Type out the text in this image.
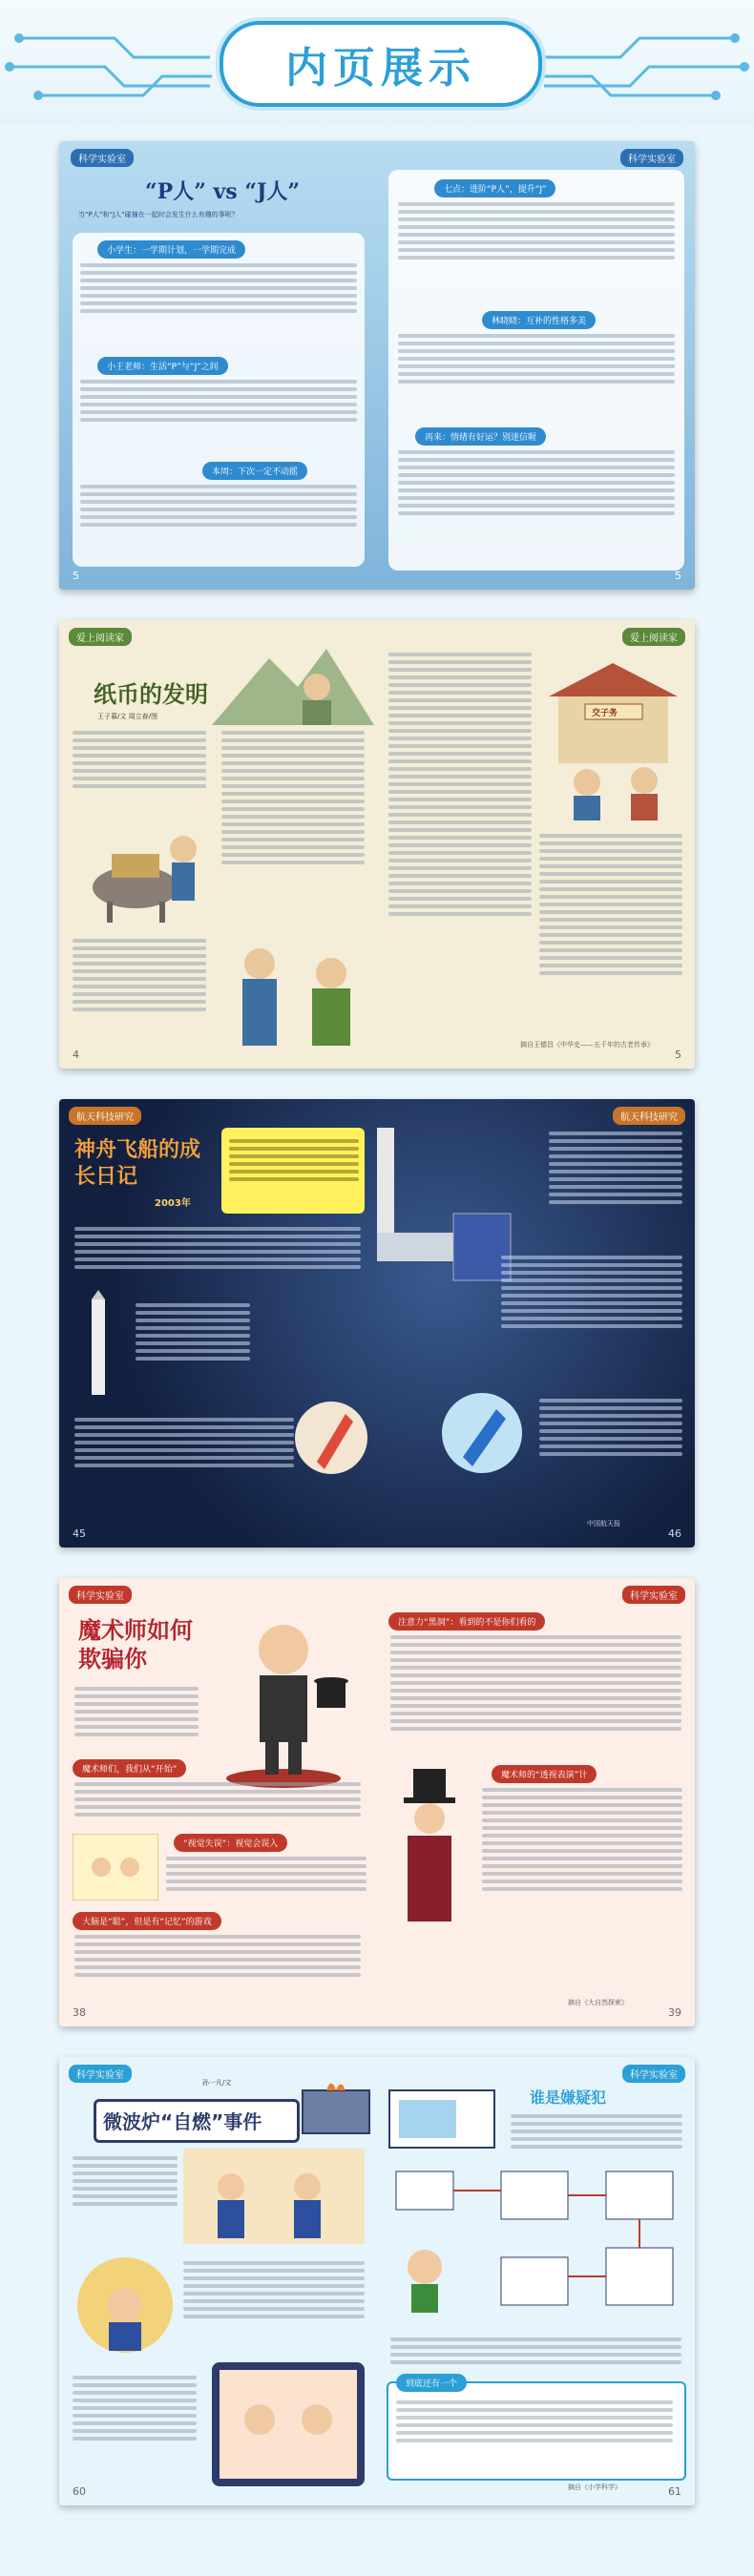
内页展示
科学实验室
“P人” vs “J人”
当“P人”和“J人”碰撞在一起时会发生什么有趣的事呢？
小学生：一学期计划，一学期完成
小王老师：生活“P”与“J”之间
本周：下次一定不动摇
5
科学实验室
七点：进阶“P人”，提升“J”
林晓晓：互补的性格多美
再来：情绪有好运？别迷信喔
5
爱上阅读家
纸币的发明
王子暮/文 周立春/图
4
爱上阅读家
交子务
摘自王德昌《中华史——五千年的古老传承》
5
航天科技研究
神舟飞船的成长日记
2003年
45
航天科技研究
中国航天报
46
科学实验室
魔术师如何欺骗你
魔术师们，我们从“开始”
“视觉失误”：视觉会误入
大脑是“聪”，但是有“记忆”的游戏
38
科学实验室
注意力“黑洞”：看到的不是你们看的
魔术师的“透视表演”计
摘自《大自然探索》
39
科学实验室
微波炉“自燃”事件
孙一凡/文
60
科学实验室
谁是嫌疑犯
到底还有一个
摘自《小学科学》	61
